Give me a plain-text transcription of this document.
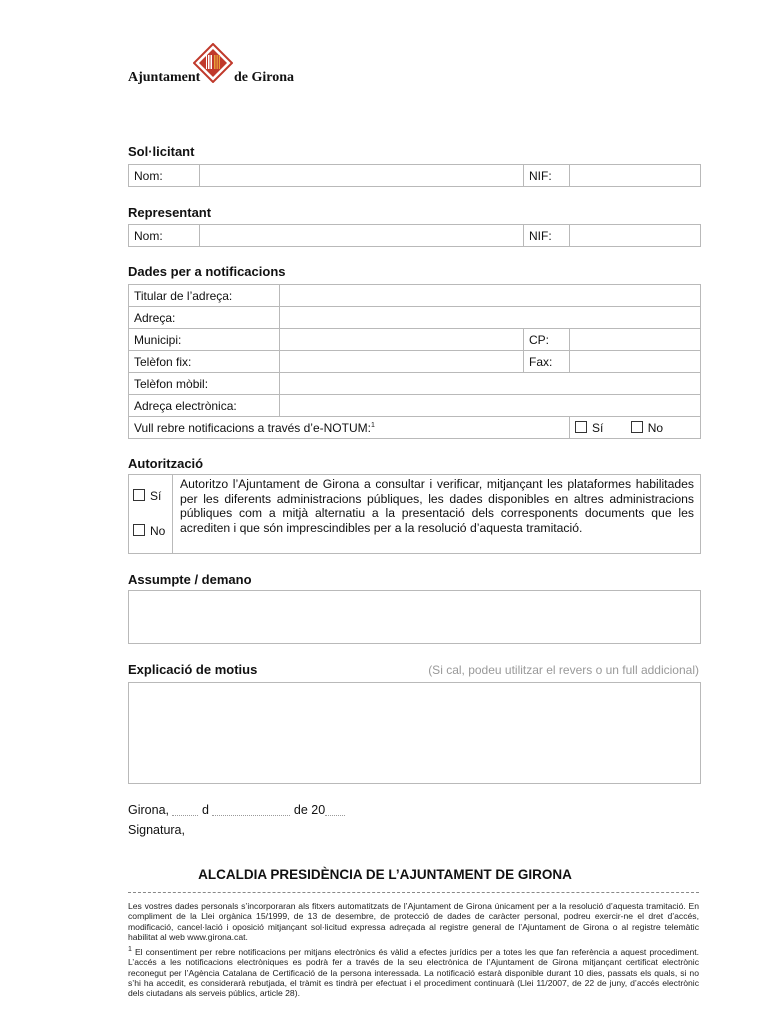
Ajuntament de Girona
Sol·licitant
Nom:		NIF:	
Representant
Nom:		NIF:	
Dades per a notificacions
Titular de l’adreça:			
Adreça:			
Municipi:		CP:	
Telèfon fix:		Fax:	
Telèfon mòbil:			
Adreça electrònica:			
Vull rebre notificacions a través d’e-NOTUM:$^1$			Sí No
Autorització
Sí
No
Autoritzo l’Ajuntament de Girona a consultar i verificar, mitjançant les plataformes habilitades per les diferents administracions públiques, les dades disponibles en altres administracions públiques com a mitjà alternatiu a la presentació dels corresponents documents que les acrediten i que són imprescindibles per a la resolució d’aquesta tramitació.
Assumpte / demano
Explicació de motius	(Si cal, podeu utilitzar el revers o un full addicional)
Girona,	d	de 20
Signatura,
ALCALDIA PRESIDÈNCIA DE L’AJUNTAMENT DE GIRONA
Les vostres dades personals s’incorporaran als fitxers automatitzats de l’Ajuntament de Girona únicament per a la resolució d’aquesta tramitació. En compliment de la Llei orgànica 15/1999, de 13 de desembre, de protecció de dades de caràcter personal, podreu exercir-ne el dret d’accés, modificació, cancel·lació i oposició mitjançant sol·licitud expressa adreçada al registre general de l’Ajuntament de Girona o al registre telemàtic habilitat al web www.girona.cat.
$^1$ El consentiment per rebre notificacions per mitjans electrònics és vàlid a efectes jurídics per a totes les que fan referència a aquest procediment. L’accés a les notificacions electròniques es podrà fer a través de la seu electrònica de l’Ajuntament de Girona mitjançant certificat electrònic reconegut per l’Agència Catalana de Certificació de la persona interessada. La notificació estarà disponible durant 10 dies, passats els quals, si no s’hi ha accedit, es considerarà rebutjada, el tràmit es tindrà per efectuat i el procediment continuarà (Llei 11/2007, de 22 de juny, d’accés electrònic dels ciutadans als serveis públics, article 28).
